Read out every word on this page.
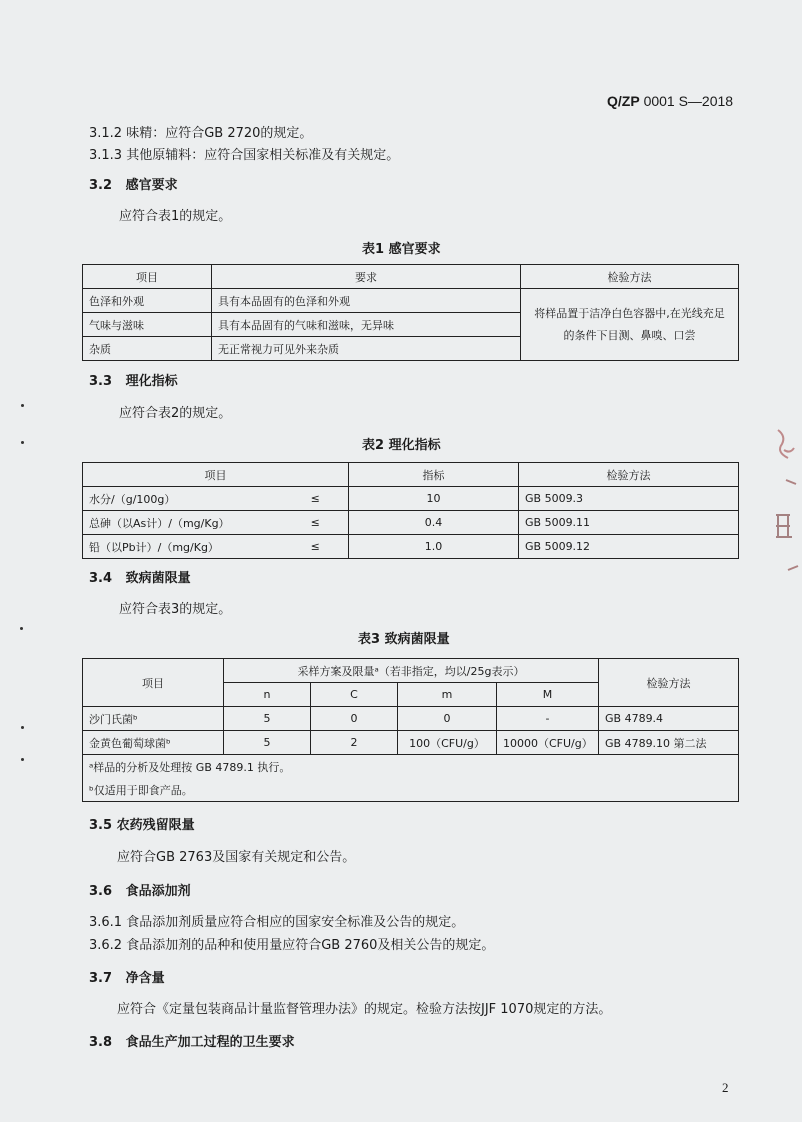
Q/ZP 0001 S—2018
3.1.2 味精：应符合GB 2720的规定。
3.1.3 其他原辅料：应符合国家相关标准及有关规定。
3.2 感官要求
应符合表1的规定。
表1 感官要求
项目	要求	检验方法
色泽和外观	具有本品固有的色泽和外观	将样品置于洁净白色容器中,在光线充足的条件下目测、鼻嗅、口尝
气味与滋味	具有本品固有的气味和滋味，无异味	
杂质	无正常视力可见外来杂质	
3.3 理化指标
应符合表2的规定。
表2 理化指标
项目		指标	检验方法
水分/（g/100g）	≤	10	GB 5009.3
总砷（以As计）/（mg/Kg）	≤	0.4	GB 5009.11
铅（以Pb计）/（mg/Kg）	≤	1.0	GB 5009.12
3.4 致病菌限量
应符合表3的规定。
表3 致病菌限量
项目	采样方案及限量ᵃ（若非指定，均以/25g表示）				检验方法
	n	C	m	M	
沙门氏菌ᵇ	5	0	0	-	GB 4789.4
金黄色葡萄球菌ᵇ	5	2	100（CFU/g）	10000（CFU/g）	GB 4789.10 第二法
ᵃ样品的分析及处理按 GB 4789.1 执行。					
ᵇ仅适用于即食产品。					
3.5 农药残留限量
应符合GB 2763及国家有关规定和公告。
3.6 食品添加剂
3.6.1 食品添加剂质量应符合相应的国家安全标准及公告的规定。
3.6.2 食品添加剂的品种和使用量应符合GB 2760及相关公告的规定。
3.7 净含量
应符合《定量包装商品计量监督管理办法》的规定。检验方法按JJF 1070规定的方法。
3.8 食品生产加工过程的卫生要求
2
